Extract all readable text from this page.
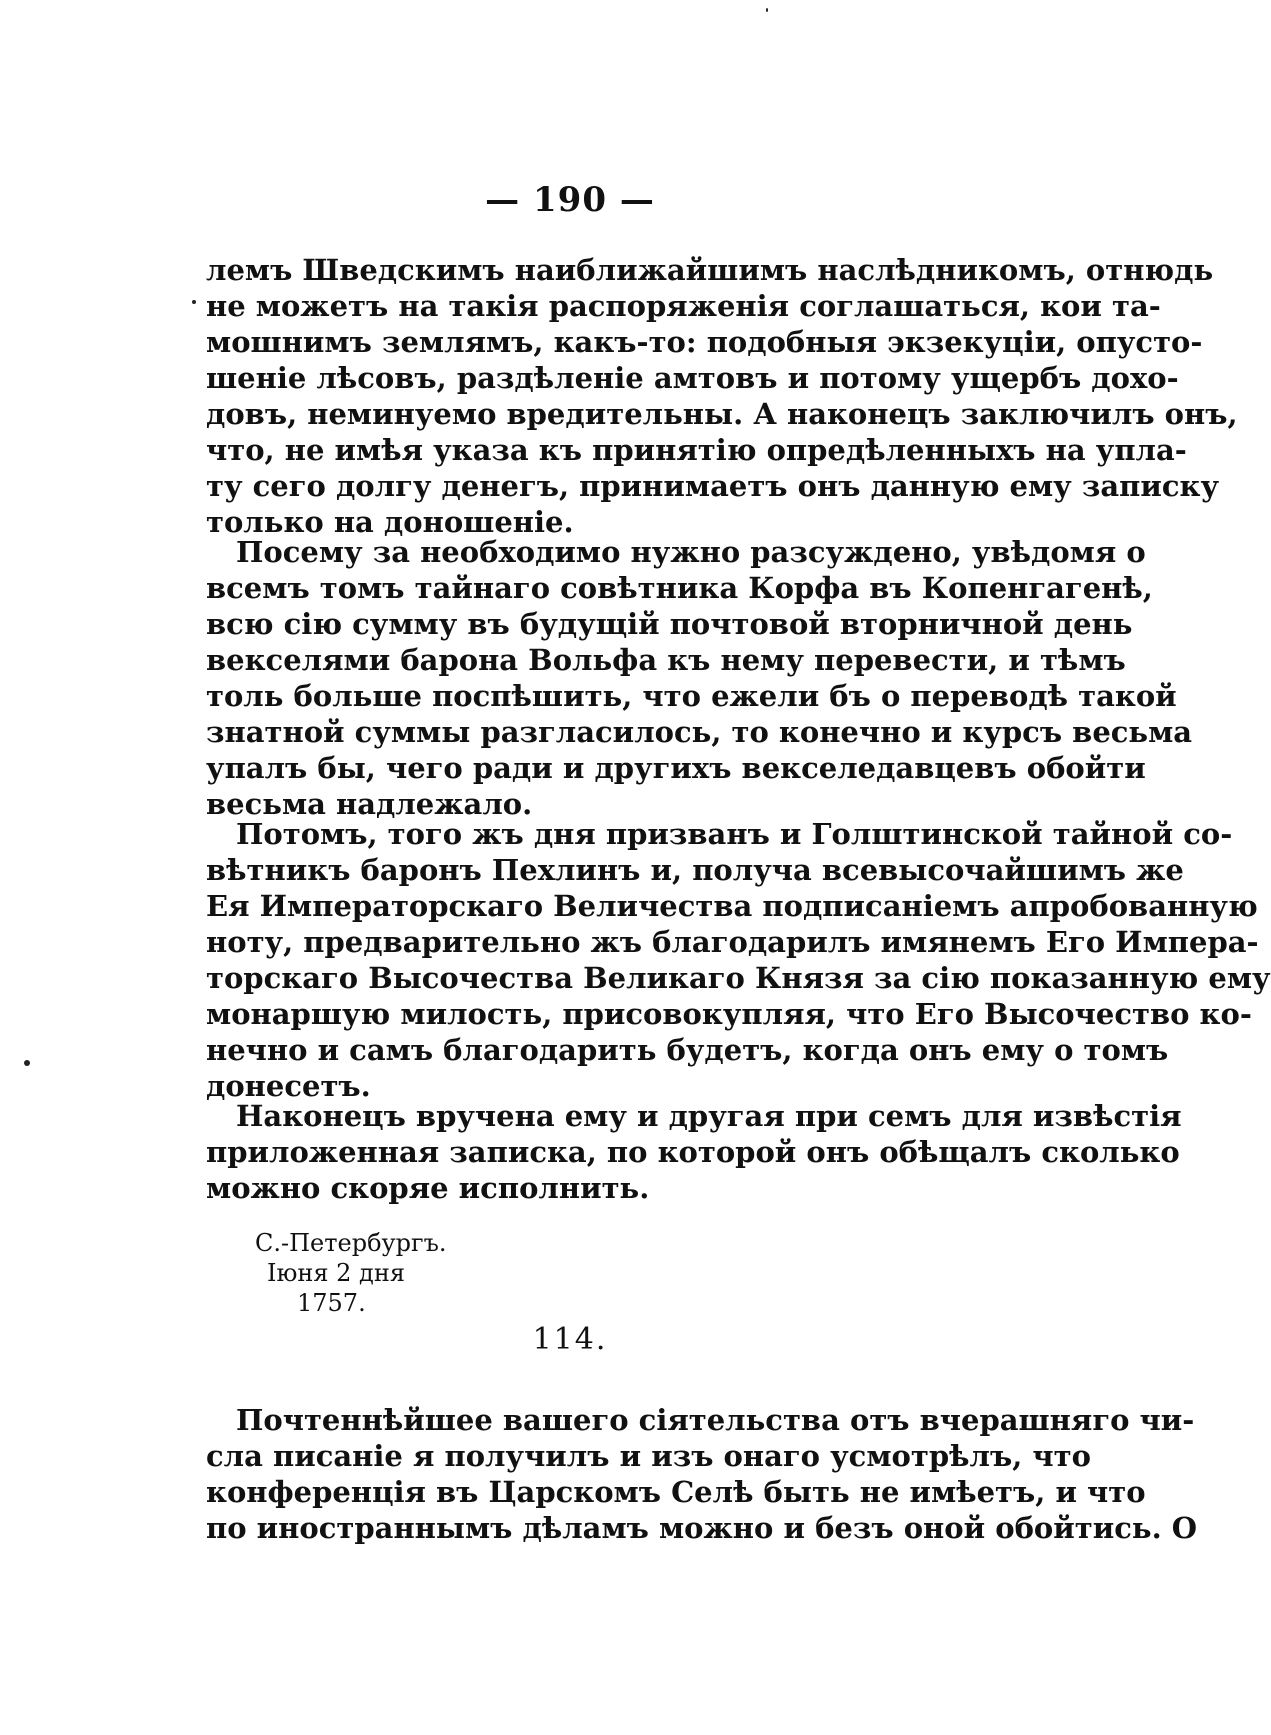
— 190 —
лемъ Шведскимъ наиближайшимъ наслѣдникомъ, отнюдь
не можетъ на такія распоряженія соглашаться, кои та-
мошнимъ землямъ, какъ-то: подобныя экзекуціи, опусто-
шеніе лѣсовъ, раздѣленіе амтовъ и потому ущербъ дохо-
довъ, неминуемо вредительны. А наконецъ заключилъ онъ,
что, не имѣя указа къ принятію опредѣленныхъ на упла-
ту сего долгу денегъ, принимаетъ онъ данную ему записку
только на доношеніе.
Посему за необходимо нужно разсуждено, увѣдомя о
всемъ томъ тайнаго совѣтника Корфа въ Копенгагенѣ,
всю сію сумму въ будущій почтовой вторничной день
векселями барона Вольфа къ нему перевести, и тѣмъ
толь больше поспѣшить, что ежели бъ о переводѣ такой
знатной суммы разгласилось, то конечно и курсъ весьма
упалъ бы, чего ради и другихъ векселедавцевъ обойти
весьма надлежало.
Потомъ, того жъ дня призванъ и Голштинской тайной со-
вѣтникъ баронъ Пехлинъ и, получа всевысочайшимъ же
Ея Императорскаго Величества подписаніемъ апробованную
ноту, предварительно жъ благодарилъ имянемъ Его Импера-
торскаго Высочества Великаго Князя за сію показанную ему
монаршую милость, присовокупляя, что Его Высочество ко-
нечно и самъ благодарить будетъ, когда онъ ему о томъ
донесетъ.
Наконецъ вручена ему и другая при семъ для извѣстія
приложенная записка, по которой онъ обѣщалъ сколько
можно скоряе исполнить.
С.-Петербургъ.
Іюня 2 дня
1757.
114.
Почтеннѣйшее вашего сіятельства отъ вчерашняго чи-
сла писаніе я получилъ и изъ онаго усмотрѣлъ, что
конференція въ Царскомъ Селѣ быть не имѣетъ, и что
по иностраннымъ дѣламъ можно и безъ оной обойтись. О
